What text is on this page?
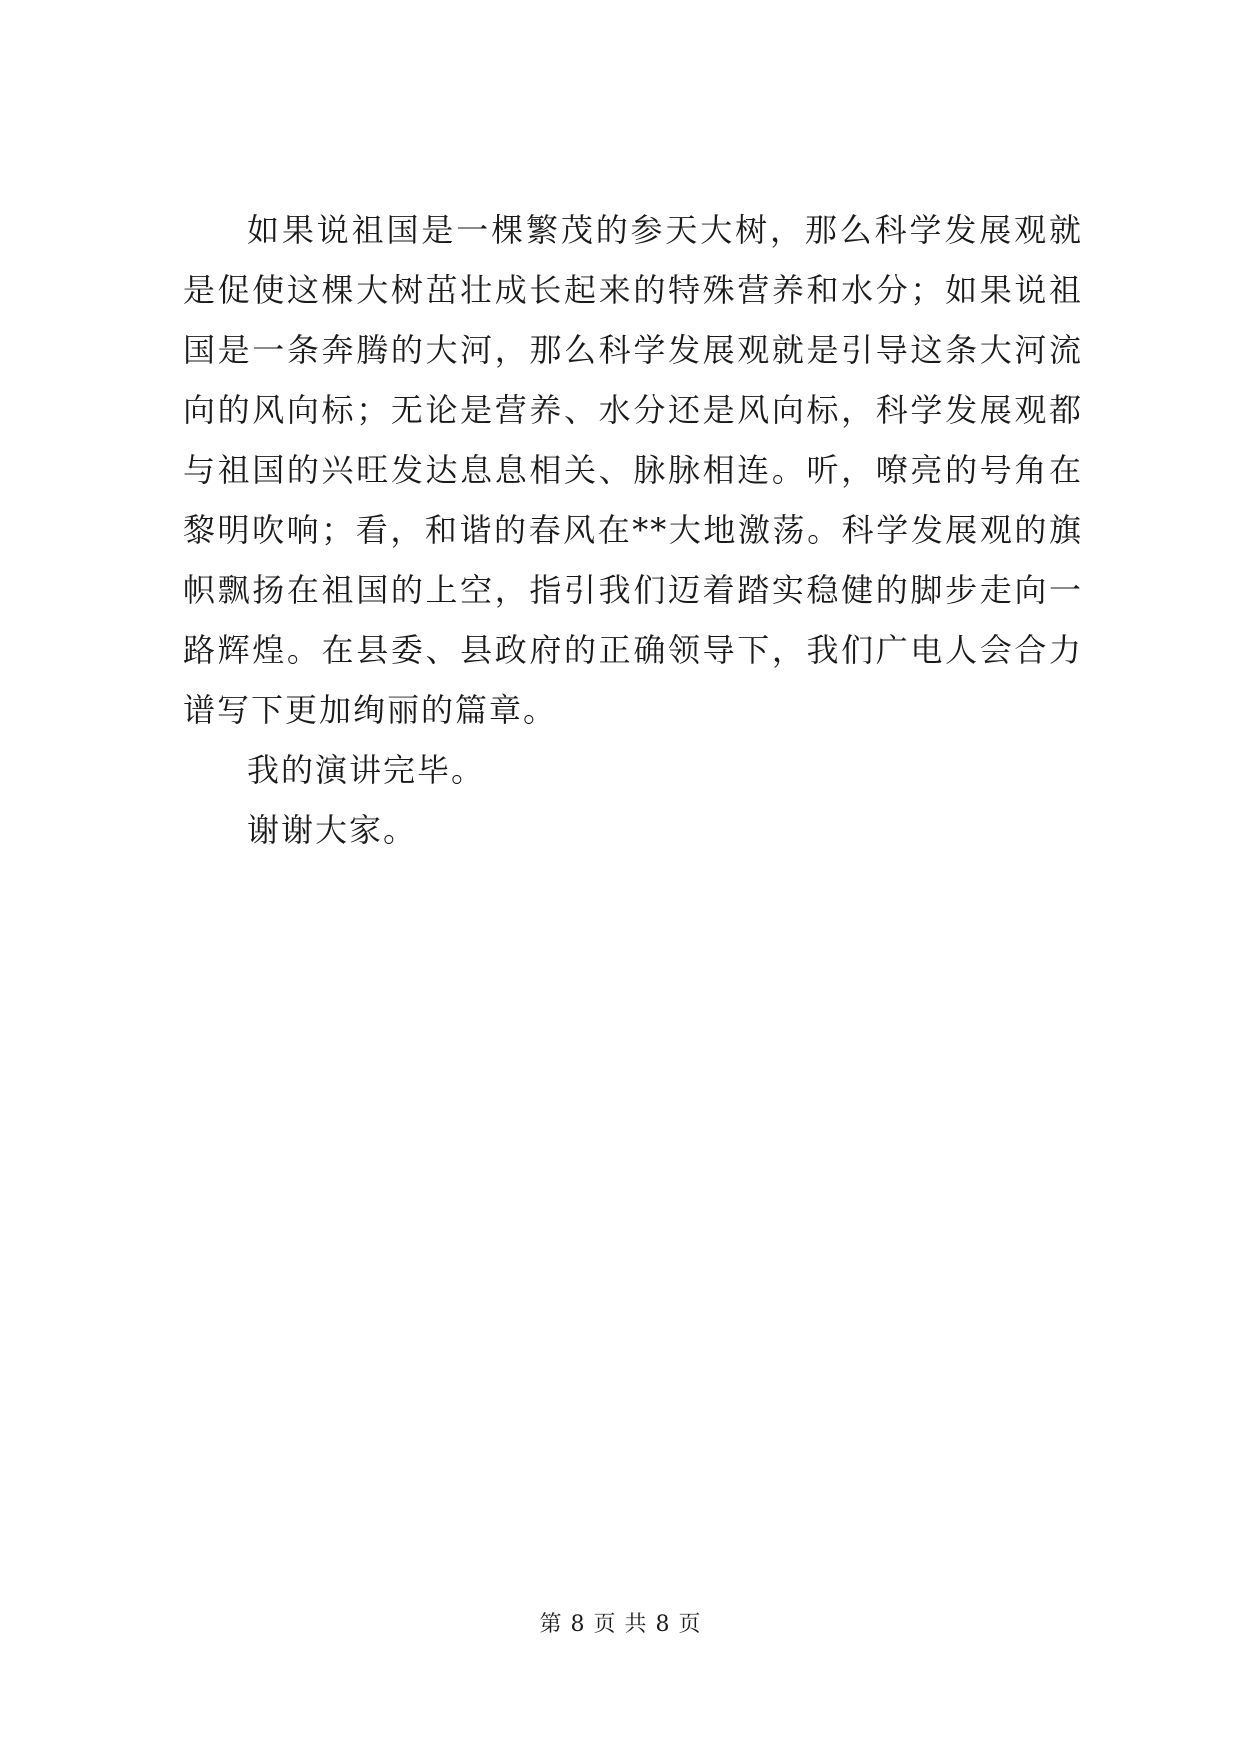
如果说祖国是一棵繁茂的参天大树，那么科学发展观就是促使这棵大树茁壮成长起来的特殊营养和水分；如果说祖国是一条奔腾的大河，那么科学发展观就是引导这条大河流向的风向标；无论是营养、水分还是风向标，科学发展观都与祖国的兴旺发达息息相关、脉脉相连。听，嘹亮的号角在黎明吹响；看，和谐的春风在**大地激荡。科学发展观的旗帜飘扬在祖国的上空，指引我们迈着踏实稳健的脚步走向一路辉煌。在县委、县政府的正确领导下，我们广电人会合力谱写下更加绚丽的篇章。

我的演讲完毕。

谢谢大家。

第 8 页 共 8 页
